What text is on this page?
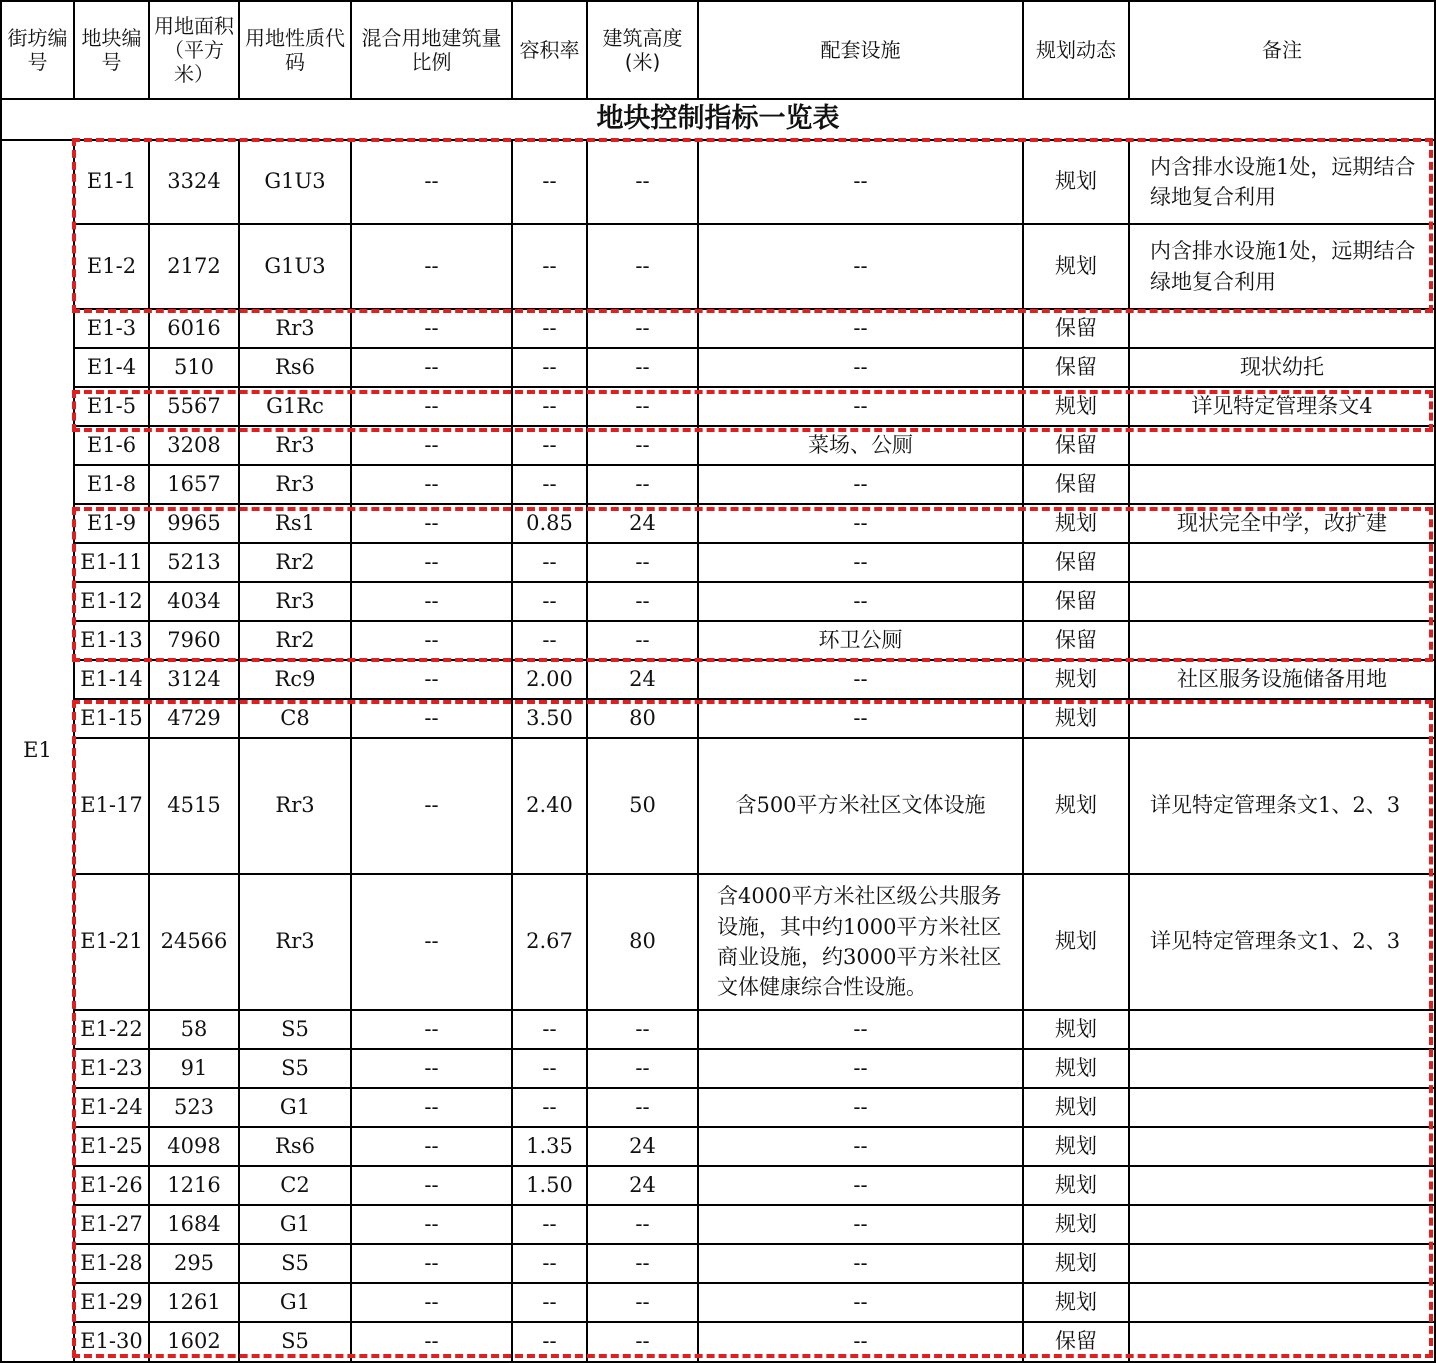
地块控制指标一览表									
街坊编号	地块编号	用地面积（平方米）	用地性质代码	混合用地建筑量比例	容积率	建筑高度(米)	配套设施	规划动态	备注
E1	E1-1	3324	G1U3	--	--	--	--	规划	内含排水设施1处，远期结合绿地复合利用
	E1-2	2172	G1U3	--	--	--	--	规划	内含排水设施1处，远期结合绿地复合利用
	E1-3	6016	Rr3	--	--	--	--	保留	
	E1-4	510	Rs6	--	--	--	--	保留	现状幼托
	E1-5	5567	G1Rc	--	--	--	--	规划	详见特定管理条文4
	E1-6	3208	Rr3	--	--	--	菜场、公厕	保留	
	E1-8	1657	Rr3	--	--	--	--	保留	
	E1-9	9965	Rs1	--	0.85	24	--	规划	现状完全中学，改扩建
	E1-11	5213	Rr2	--	--	--	--	保留	
	E1-12	4034	Rr3	--	--	--	--	保留	
	E1-13	7960	Rr2	--	--	--	环卫公厕	保留	
	E1-14	3124	Rc9	--	2.00	24	--	规划	社区服务设施储备用地
	E1-15	4729	C8	--	3.50	80	--	规划	
	E1-17	4515	Rr3	--	2.40	50	含500平方米社区文体设施	规划	详见特定管理条文1、2、3
	E1-21	24566	Rr3	--	2.67	80	含4000平方米社区级公共服务设施，其中约1000平方米社区商业设施，约3000平方米社区文体健康综合性设施。	规划	详见特定管理条文1、2、3
	E1-22	58	S5	--	--	--	--	规划	
	E1-23	91	S5	--	--	--	--	规划	
	E1-24	523	G1	--	--	--	--	规划	
	E1-25	4098	Rs6	--	1.35	24	--	规划	
	E1-26	1216	C2	--	1.50	24	--	规划	
	E1-27	1684	G1	--	--	--	--	规划	
	E1-28	295	S5	--	--	--	--	规划	
	E1-29	1261	G1	--	--	--	--	规划	
	E1-30	1602	S5	--	--	--	--	保留	
